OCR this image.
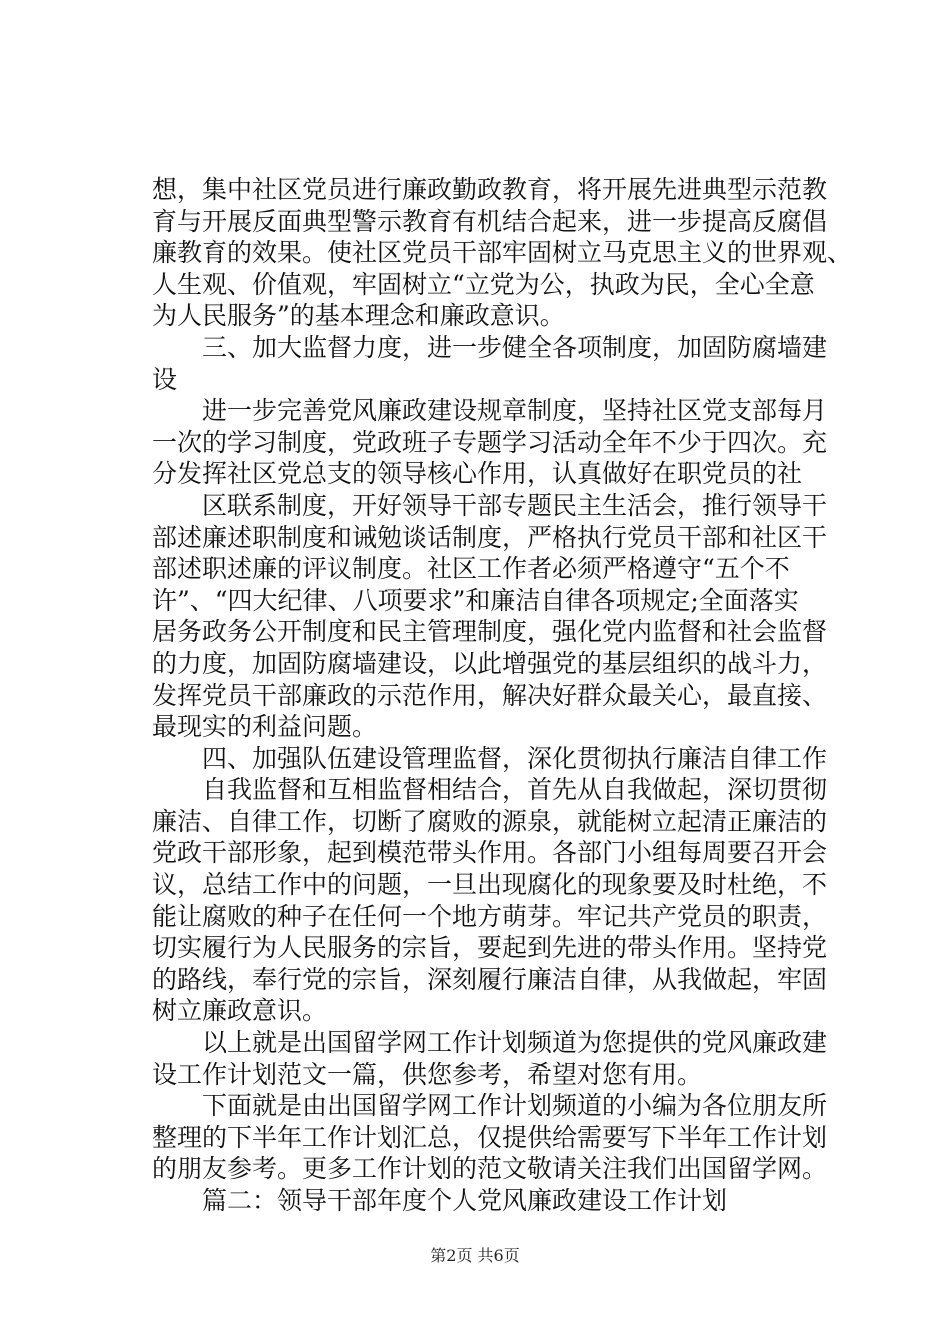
想，集中社区党员进行廉政勤政教育，将开展先进典型示范教
育与开展反面典型警示教育有机结合起来，进一步提高反腐倡
廉教育的效果。使社区党员干部牢固树立马克思主义的世界观、
人生观、价值观，牢固树立“立党为公，执政为民，全心全意
为人民服务”的基本理念和廉政意识。
　　三、加大监督力度，进一步健全各项制度，加固防腐墙建
设
　　进一步完善党风廉政建设规章制度，坚持社区党支部每月
一次的学习制度，党政班子专题学习活动全年不少于四次。充
分发挥社区党总支的领导核心作用，认真做好在职党员的社
　　区联系制度，开好领导干部专题民主生活会，推行领导干
部述廉述职制度和诫勉谈话制度，严格执行党员干部和社区干
部述职述廉的评议制度。社区工作者必须严格遵守“五个不
许”、“四大纪律、八项要求”和廉洁自律各项规定;全面落实
居务政务公开制度和民主管理制度，强化党内监督和社会监督
的力度，加固防腐墙建设，以此增强党的基层组织的战斗力，
发挥党员干部廉政的示范作用，解决好群众最关心，最直接、
最现实的利益问题。
　　四、加强队伍建设管理监督，深化贯彻执行廉洁自律工作
　　自我监督和互相监督相结合，首先从自我做起，深切贯彻
廉洁、自律工作，切断了腐败的源泉，就能树立起清正廉洁的
党政干部形象，起到模范带头作用。各部门小组每周要召开会
议，总结工作中的问题，一旦出现腐化的现象要及时杜绝，不
能让腐败的种子在任何一个地方萌芽。牢记共产党员的职责，
切实履行为人民服务的宗旨，要起到先进的带头作用。坚持党
的路线，奉行党的宗旨，深刻履行廉洁自律，从我做起，牢固
树立廉政意识。
　　以上就是出国留学网工作计划频道为您提供的党风廉政建
设工作计划范文一篇，供您参考，希望对您有用。
　　下面就是由出国留学网工作计划频道的小编为各位朋友所
整理的下半年工作计划汇总，仅提供给需要写下半年工作计划
的朋友参考。更多工作计划的范文敬请关注我们出国留学网。
　　篇二：领导干部年度个人党风廉政建设工作计划
第2页 共6页
